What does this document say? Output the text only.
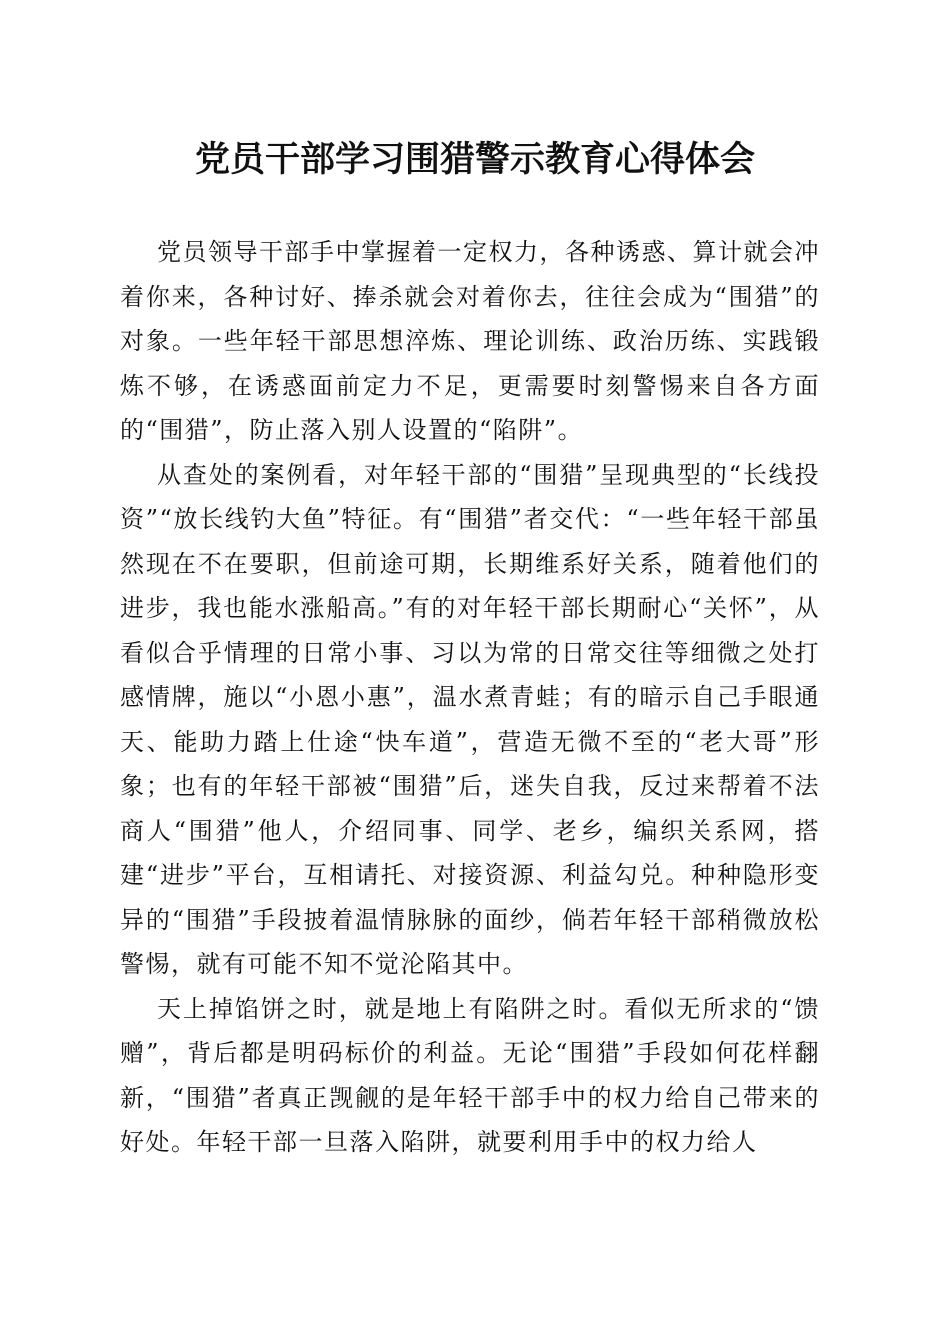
党员干部学习围猎警示教育心得体会

党员领导干部手中掌握着一定权力，各种诱惑、算计就会冲着你来，各种讨好、捧杀就会对着你去，往往会成为“围猎”的对象。一些年轻干部思想淬炼、理论训练、政治历练、实践锻炼不够，在诱惑面前定力不足，更需要时刻警惕来自各方面的“围猎”，防止落入别人设置的“陷阱”。

从查处的案例看，对年轻干部的“围猎”呈现典型的“长线投资”“放长线钓大鱼”特征。有“围猎”者交代：“一些年轻干部虽然现在不在要职，但前途可期，长期维系好关系，随着他们的进步，我也能水涨船高。”有的对年轻干部长期耐心“关怀”，从看似合乎情理的日常小事、习以为常的日常交往等细微之处打感情牌，施以“小恩小惠”，温水煮青蛙；有的暗示自己手眼通天、能助力踏上仕途“快车道”，营造无微不至的“老大哥”形象；也有的年轻干部被“围猎”后，迷失自我，反过来帮着不法商人“围猎”他人，介绍同事、同学、老乡，编织关系网，搭建“进步”平台，互相请托、对接资源、利益勾兑。种种隐形变异的“围猎”手段披着温情脉脉的面纱，倘若年轻干部稍微放松警惕，就有可能不知不觉沦陷其中。

天上掉馅饼之时，就是地上有陷阱之时。看似无所求的“馈赠”，背后都是明码标价的利益。无论“围猎”手段如何花样翻新，“围猎”者真正觊觎的是年轻干部手中的权力给自己带来的好处。年轻干部一旦落入陷阱，就要利用手中的权力给人
